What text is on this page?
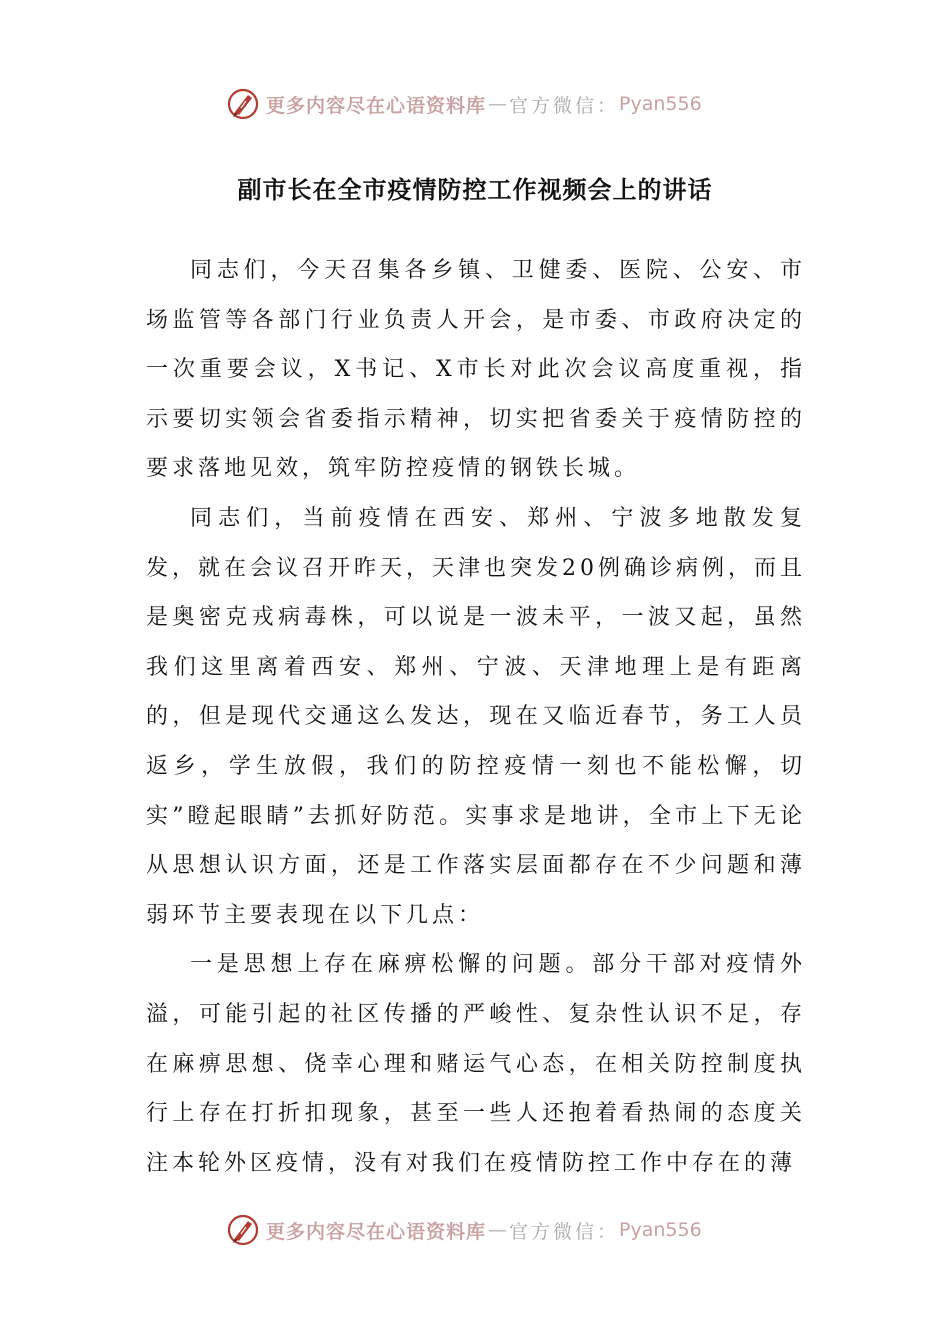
更多内容尽在心语资料库 — 官方微信： Pyan556
副市长在全市疫情防控工作视频会上的讲话

同志们，今天召集各乡镇、卫健委、医院、公安、市场监管等各部门行业负责人开会，是市委、市政府决定的一次重要会议，X书记、X市长对此次会议高度重视，指示要切实领会省委指示精神，切实把省委关于疫情防控的要求落地见效，筑牢防控疫情的钢铁长城。

同志们，当前疫情在西安、郑州、宁波多地散发复发，就在会议召开昨天，天津也突发20例确诊病例，而且是奥密克戎病毒株，可以说是一波未平，一波又起，虽然我们这里离着西安、郑州、宁波、天津地理上是有距离的，但是现代交通这么发达，现在又临近春节，务工人员返乡，学生放假，我们的防控疫情一刻也不能松懈，切实”瞪起眼睛”去抓好防范。实事求是地讲，全市上下无论从思想认识方面，还是工作落实层面都存在不少问题和薄弱环节主要表现在以下几点：

一是思想上存在麻痹松懈的问题。部分干部对疫情外溢，可能引起的社区传播的严峻性、复杂性认识不足，存在麻痹思想、侥幸心理和赌运气心态，在相关防控制度执行上存在打折扣现象，甚至一些人还抱着看热闹的态度关注本轮外区疫情，没有对我们在疫情防控工作中存在的薄

更多内容尽在心语资料库 — 官方微信： Pyan556
